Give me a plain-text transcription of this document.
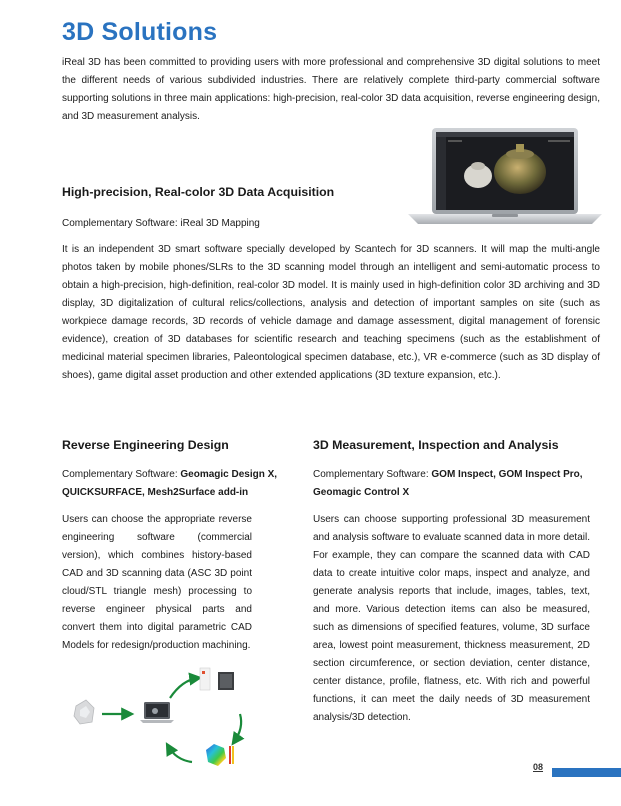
3D Solutions
iReal 3D has been committed to providing users with more professional and comprehensive 3D digital solutions to meet the different needs of various subdivided industries. There are relatively complete third-party commercial software supporting solutions in three main applications: high-precision, real-color 3D data acquisition, reverse engineering design, and 3D measurement analysis.
High-precision, Real-color 3D Data Acquisition
Complementary Software: iReal 3D Mapping
It is an independent 3D smart software specially developed by Scantech for 3D scanners. It will map the multi-angle photos taken by mobile phones/SLRs to the 3D scanning model through an intelligent and semi-automatic process to obtain a high-precision, high-definition, real-color 3D model. It is mainly used in high-definition color 3D archiving and 3D display, 3D digitalization of cultural relics/collections, analysis and detection of important samples on site (such as workpiece damage records, 3D records of vehicle damage and damage assessment, digital management of forensic evidence), creation of 3D databases for scientific research and teaching specimens (such as the establishment of medicinal material specimen libraries, Paleontological specimen database, etc.), VR e-commerce (such as 3D display of shoes), game digital asset production and other extended applications (3D texture expansion, etc.).
Reverse Engineering Design
Complementary Software: Geomagic Design X, QUICKSURFACE, Mesh2Surface add-in
Users can choose the appropriate reverse engineering software (commercial version), which combines history-based CAD and 3D scanning data (ASC 3D point cloud/STL triangle mesh) processing to reverse engineer physical parts and convert them into digital parametric CAD Models for redesign/production machining.
3D Measurement, Inspection and Analysis
Complementary Software: GOM Inspect, GOM Inspect Pro, Geomagic Control X
Users can choose supporting professional 3D measurement and analysis software to evaluate scanned data in more detail. For example, they can compare the scanned data with CAD data to create intuitive color maps, inspect and analyze, and generate analysis reports that include, images, tables, text, and more. Various detection items can also be measured, such as dimensions of specified features, volume, 3D surface area, lowest point measurement, thickness measurement, 2D section circumference, or section deviation, center distance, center distance, profile, flatness, etc. With rich and powerful functions, it can meet the daily needs of 3D measurement analysis/3D detection.
08
